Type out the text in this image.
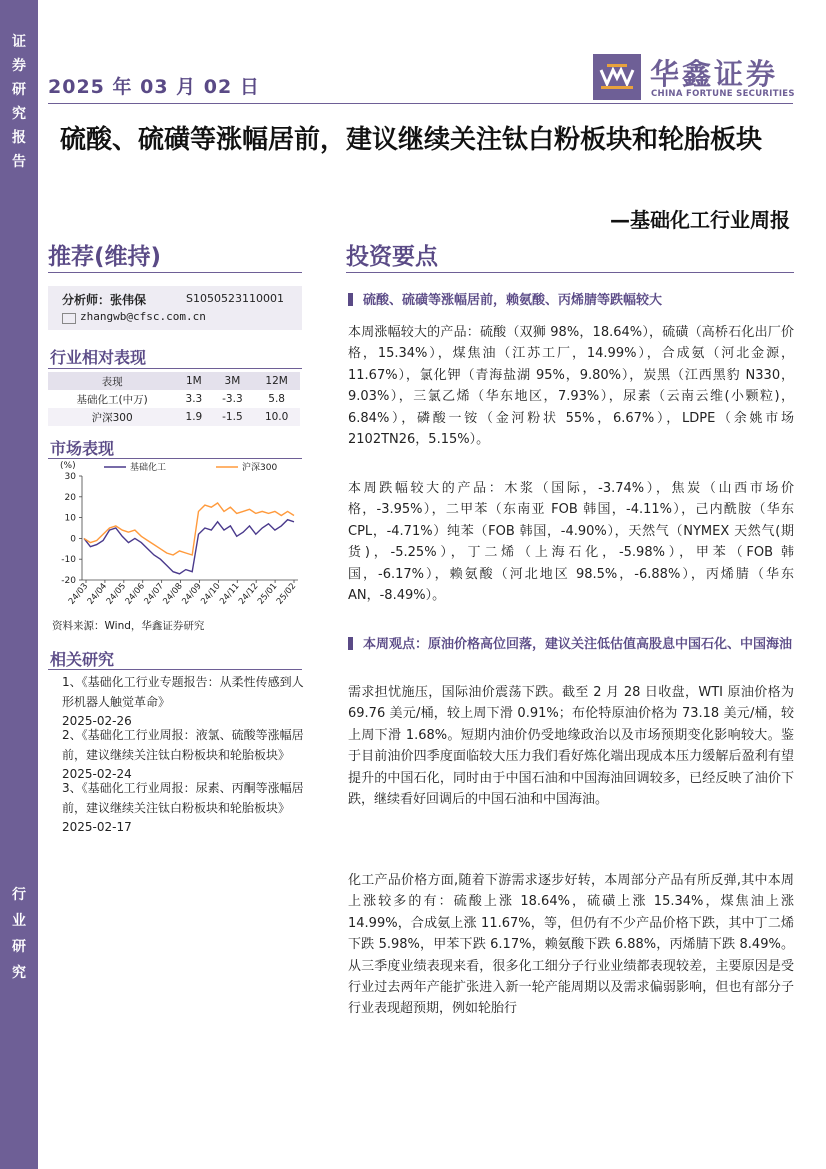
证券研究报告
行业研究
2025 年 03 月 02 日	华鑫证券
CHINA FORTUNE SECURITIES
硫酸、硫磺等涨幅居前，建议继续关注钛白粉板块和轮胎板块
—基础化工行业周报
推荐(维持)
分析师：张伟保	S1050523110001
zhangwb@cfsc.com.cn
行业相对表现
表现	1M	3M	12M
基础化工(中万)	3.3	-3.3	5.8
沪深300	1.9	-1.5	10.0
市场表现
(%)
-20
-10
0
10
20
30
24/03
24/04
24/05
24/06
24/07
24/08
24/09
24/10
24/11
24/12
25/01
25/02
基础化工	沪深300
资料来源：Wind，华鑫证券研究
相关研究
1、《基础化工行业专题报告：从柔性传感到人形机器人触觉革命》
2025-02-26
2、《基础化工行业周报：液氯、硫酸等涨幅居前，建议继续关注钛白粉板块和轮胎板块》2025-02-24
3、《基础化工行业周报：尿素、丙酮等涨幅居前，建议继续关注钛白粉板块和轮胎板块》2025-02-17
投资要点
硫酸、硫磺等涨幅居前，赖氨酸、丙烯腈等跌幅较大
本周涨幅较大的产品：硫酸（双狮 98%，18.64%），硫磺（高桥石化出厂价格，15.34%），煤焦油（江苏工厂，14.99%），合成氨（河北金源，11.67%），氯化钾（青海盐湖 95%，9.80%），炭黑（江西黑豹 N330，9.03%），三氯乙烯（华东地区，7.93%），尿素（云南云维(小颗粒)，6.84%），磷酸一铵（金河粉状 55%，6.67%），LDPE（余姚市场 2102TN26，5.15%）。
本周跌幅较大的产品：木浆（国际，-3.74%），焦炭（山西市场价格，-3.95%），二甲苯（东南亚 FOB 韩国，-4.11%），己内酰胺（华东 CPL，-4.71%）纯苯（FOB 韩国，-4.90%），天然气（NYMEX 天然气(期货)，-5.25%），丁二烯（上海石化，-5.98%），甲苯（FOB 韩国，-6.17%），赖氨酸（河北地区 98.5%，-6.88%），丙烯腈（华东 AN，-8.49%）。
本周观点：原油价格高位回落，建议关注低估值高股息中国石化、中国海油
需求担忧施压，国际油价震荡下跌。截至 2 月 28 日收盘，WTI 原油价格为 69.76 美元/桶，较上周下滑 0.91%；布伦特原油价格为 73.18 美元/桶，较上周下滑 1.68%。短期内油价仍受地缘政治以及市场预期变化影响较大。鉴于目前油价四季度面临较大压力我们看好炼化端出现成本压力缓解后盈利有望提升的中国石化，同时由于中国石油和中国海油回调较多，已经反映了油价下跌，继续看好回调后的中国石油和中国海油。
化工产品价格方面,随着下游需求逐步好转，本周部分产品有所反弹,其中本周上涨较多的有：硫酸上涨 18.64%，硫磺上涨 15.34%，煤焦油上涨 14.99%，合成氨上涨 11.67%，等，但仍有不少产品价格下跌，其中丁二烯下跌 5.98%，甲苯下跌 6.17%，赖氨酸下跌 6.88%，丙烯腈下跌 8.49%。从三季度业绩表现来看，很多化工细分子行业业绩都表现较差，主要原因是受行业过去两年产能扩张进入新一轮产能周期以及需求偏弱影响，但也有部分子行业表现超预期，例如轮胎行
